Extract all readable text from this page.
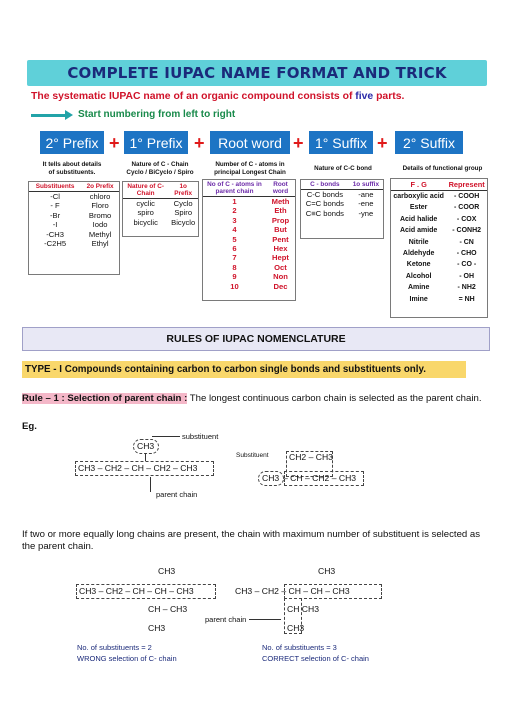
COMPLETE IUPAC NAME FORMAT AND TRICK
The systematic IUPAC name of an organic compound consists of five parts.
Start numbering from left to right
2° Prefix + 1° Prefix + Root word + 1° Suffix +	2° Suffix
It tells about details
of substituents.
Nature of C - Chain
Cyclo / BiCyclo / Spiro
Number of C - atoms in
principal Longest Chain
Nature of C-C bond	Details of functional group
Substituents	2o Prefix
-Cl	chloro
- F	Floro
-Br	Bromo
-I	Iodo
-CH3	Methyl
-C2H5	Ethyl
Nature of C- Chain	1o Prefix
cyclic	Cyclo
spiro	Spiro
bicyclic	Bicyclo
No of C - atoms in parent chain	Root word
1	Meth
2	Eth
3	Prop
4	But
5	Pent
6	Hex
7	Hept
8	Oct
9	Non
10	Dec
C - bonds	1o suffix
C-C bonds	-ane
C=C bonds	-ene
C≡C bonds	-yne
F . G	Represent
carboxylic acid	- COOH
Ester	- COOR
Acid halide	- COX
Acid amide	- CONH2
Nitrile	- CN
Aldehyde	- CHO
Ketone	- CO -
Alcohol	- OH
Amine	- NH2
Imine	= NH
RULES OF IUPAC NOMENCLATURE
TYPE - I Compounds containing carbon to carbon single bonds and substituents only.
Rule – 1 : Selection of parent chain : The longest continuous carbon chain is selected as the parent chain.
Eg.
substituent
CH3
CH3 – CH2 – CH – CH2 – CH3
parent chain
Substituent CH2 – CH3
CH3 – CH – CH2 – CH3
If two or more equally long chains are present, the chain with maximum number of substituent is selected as the parent chain.
CH3
CH3 – CH2 – CH – CH – CH3
CH – CH3
CH3
No. of substituents = 2
WRONG selection of C- chain
CH3
CH3 – CH2 – CH – CH – CH3
CH CH3
CH3
parent chain
No. of substituents = 3
CORRECT selection of C- chain
